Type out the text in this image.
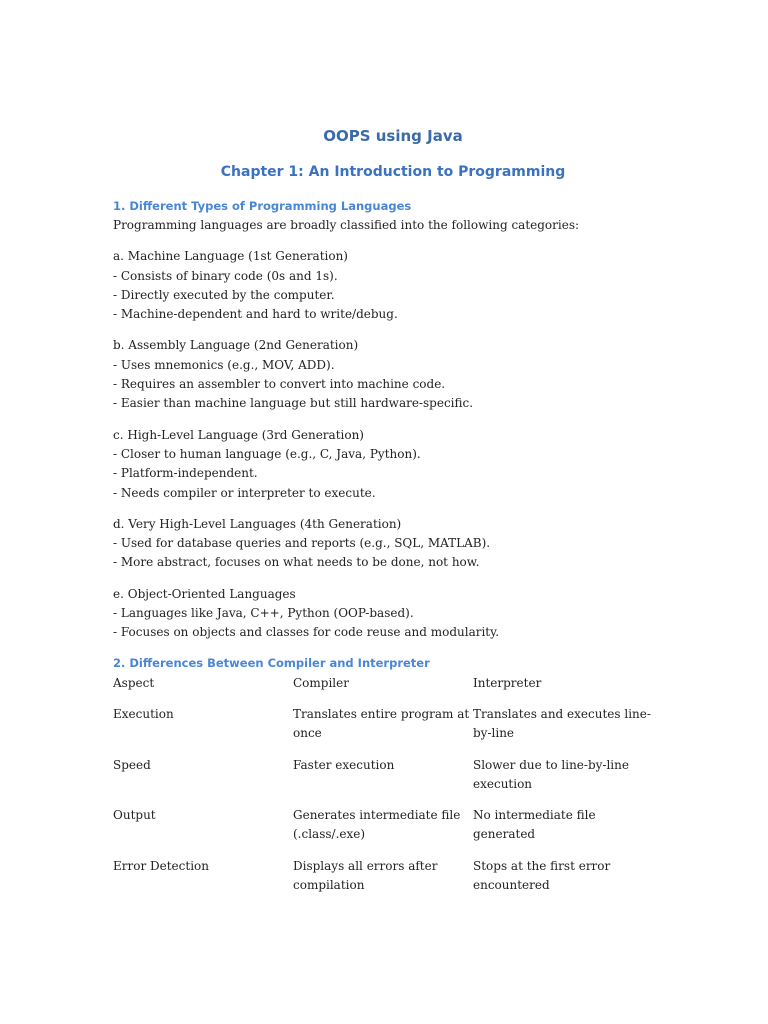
OOPS using Java
Chapter 1: An Introduction to Programming
1. Different Types of Programming Languages

Programming languages are broadly classified into the following categories:

a. Machine Language (1st Generation)
- Consists of binary code (0s and 1s).
- Directly executed by the computer.
- Machine-dependent and hard to write/debug.
b. Assembly Language (2nd Generation)
- Uses mnemonics (e.g., MOV, ADD).
- Requires an assembler to convert into machine code.
- Easier than machine language but still hardware-specific.
c. High-Level Language (3rd Generation)
- Closer to human language (e.g., C, Java, Python).
- Platform-independent.
- Needs compiler or interpreter to execute.
d. Very High-Level Languages (4th Generation)
- Used for database queries and reports (e.g., SQL, MATLAB).
- More abstract, focuses on what needs to be done, not how.
e. Object-Oriented Languages
- Languages like Java, C++, Python (OOP-based).
- Focuses on objects and classes for code reuse and modularity.
2. Differences Between Compiler and Interpreter
Aspect	Compiler	Interpreter
Execution	Translates entire program at once	Translates and executes line-by-line
Speed	Faster execution	Slower due to line-by-line execution
Output	Generates intermediate file (.class/.exe)	No intermediate file generated
Error Detection	Displays all errors after compilation	Stops at the first error encountered
